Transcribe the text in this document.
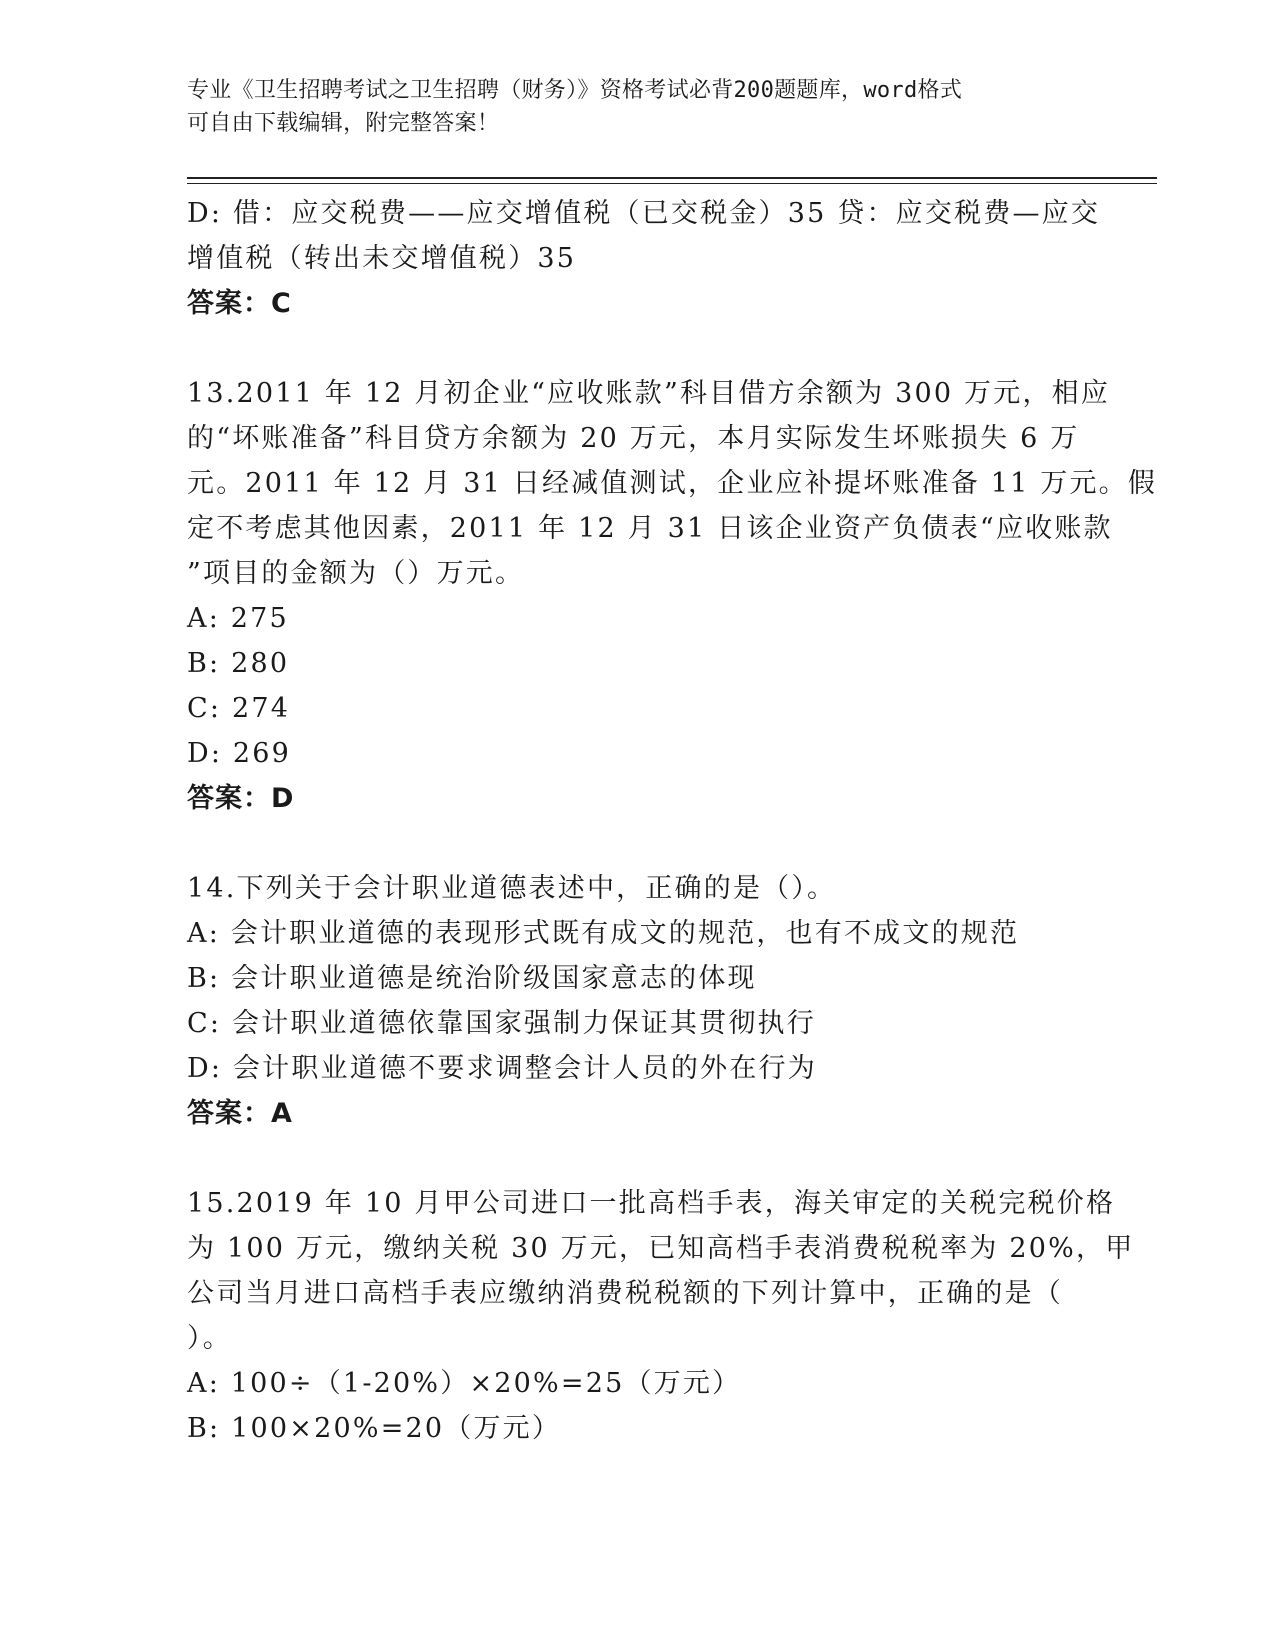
专业《卫生招聘考试之卫生招聘（财务）》资格考试必背200题题库，word格式
可自由下载编辑，附完整答案！
D: 借：应交税费——应交增值税（已交税金）35 贷：应交税费—应交
增值税（转出未交增值税）35
答案：C
13.2011 年 12 月初企业“应收账款”科目借方余额为 300 万元，相应
的“坏账准备”科目贷方余额为 20 万元，本月实际发生坏账损失 6 万
元。2011 年 12 月 31 日经减值测试，企业应补提坏账准备 11 万元。假
定不考虑其他因素，2011 年 12 月 31 日该企业资产负债表“应收账款
”项目的金额为（）万元。
A: 275
B: 280
C: 274
D: 269
答案：D
14.下列关于会计职业道德表述中，正确的是（）。
A: 会计职业道德的表现形式既有成文的规范，也有不成文的规范
B: 会计职业道德是统治阶级国家意志的体现
C: 会计职业道德依靠国家强制力保证其贯彻执行
D: 会计职业道德不要求调整会计人员的外在行为
答案：A
15.2019 年 10 月甲公司进口一批高档手表，海关审定的关税完税价格
为 100 万元，缴纳关税 30 万元，已知高档手表消费税税率为 20%，甲
公司当月进口高档手表应缴纳消费税税额的下列计算中，正确的是（
）。
A: 100÷（1-20%）×20%=25（万元）
B: 100×20%=20（万元）
